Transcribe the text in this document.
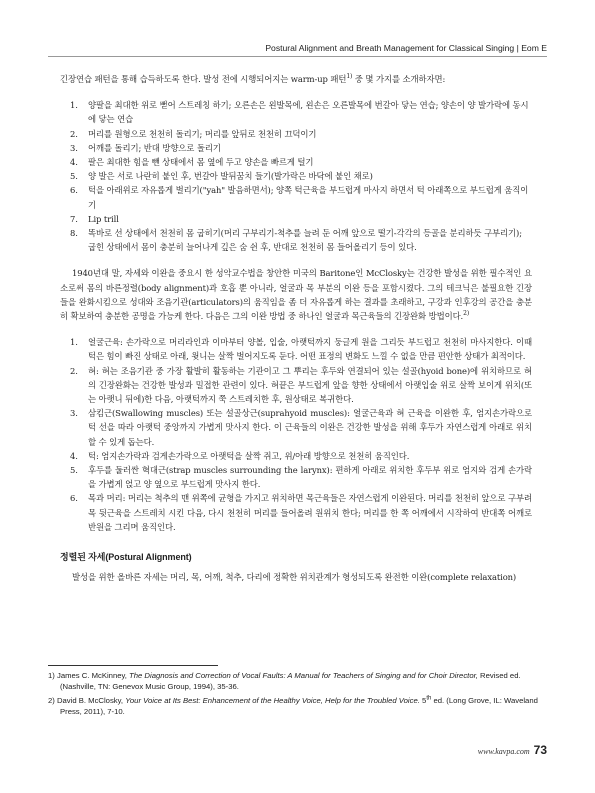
Postural Alignment and Breath Management for Classical Singing | Eom E

긴장연습 패턴을 통해 습득하도록 한다. 발성 전에 시행되어지는 warm-up 패턴$^{1)}$ 중 몇 가지를 소개하자면:

1.	양팔을 최대한 위로 뻗어 스트레칭 하기; 오른손은 왼발목에, 왼손은 오른발목에 번갈아 닿는 연습; 양손이 양 발가락에 동시에 닿는 연습
2.	머리를 원형으로 천천히 돌리기; 머리를 앞뒤로 천천히 끄덕이기
3.	어깨를 돌리기; 반대 방향으로 돌리기
4.	팔은 최대한 힘을 뺀 상태에서 몸 옆에 두고 양손을 빠르게 털기
5.	양 발은 서로 나란히 붙인 후, 번갈아 발뒤꿈치 들기(발가락은 바닥에 붙인 채로)
6.	턱을 아래위로 자유롭게 벌리기("yah" 발음하면서); 양쪽 턱근육을 부드럽게 마사지 하면서 턱 아래쪽으로 부드럽게 움직이기
7.	Lip trill
8.	똑바로 선 상태에서 천천히 몸 굽히기(머리 구부리기-척추를 늘려 둔 어깨 앞으로 떨기-각각의 등골을 분리하듯 구부리기); 굽힌 상태에서 몸이 충분히 늘어나게 깊은 숨 쉰 후, 반대로 천천히 몸 들어올리기 등이 있다.

1940년대 말, 자세와 이완을 중요시 한 성악교수법을 창안한 미국의 Baritone인 McClosky는 건강한 발성을 위한 필수적인 요소로써 몸의 바른정렬(body alignment)과 호흡 뿐 아니라, 얼굴과 목 부분의 이완 등을 포함시켰다. 그의 테크닉은 불필요한 긴장들을 완화시킴으로 성대와 조음기관(articulators)의 움직임을 좀 더 자유롭게 하는 결과를 초래하고, 구강과 인후강의 공간을 충분히 확보하여 충분한 공명을 가능케 한다. 다음은 그의 이완 방법 중 하나인 얼굴과 목근육들의 긴장완화 방법이다.$^{2)}$

1.	얼굴근육: 손가락으로 머리라인과 이마부터 양볼, 입술, 아랫턱까지 둥글게 원을 그리듯 부드럽고 천천히 마사지한다. 이때 턱은 힘이 빠진 상태로 아래, 윗니는 살짝 벌어지도록 둔다. 어떤 표정의 변화도 느낄 수 없을 만큼 편안한 상태가 최적이다.
2.	혀: 혀는 조음기관 중 가장 활발히 활동하는 기관이고 그 뿌리는 후두와 연결되어 있는 설골(hyoid bone)에 위치하므로 혀의 긴장완화는 건강한 발성과 밀접한 관련이 있다. 혀끝은 부드럽게 앞을 향한 상태에서 아랫입술 위로 살짝 보이게 위치(또는 아랫니 뒤에)한 다음, 아랫턱까지 쭉 스트레치한 후, 원상태로 복귀한다.
3.	삼킴근(Swallowing muscles) 또는 설골상근(suprahyoid muscles): 얼굴근육과 혀 근육을 이완한 후, 엄지손가락으로 턱 선을 따라 아랫턱 중앙까지 가볍게 맛사지 한다. 이 근육들의 이완은 건강한 발성을 위해 후두가 자연스럽게 아래로 위치할 수 있게 돕는다.
4.	턱: 엄지손가락과 검게손가락으로 아랫턱을 살짝 쥐고, 위/아래 방향으로 천천히 움직인다.
5.	후두를 둘러싼 혁대근(strap muscles surrounding the larynx): 편하게 아래로 위치한 후두부 위로 엄지와 검게 손가락을 가볍게 얹고 양 옆으로 부드럽게 맛사지 한다.
6.	목과 머리: 머리는 척추의 맨 위쪽에 균형을 가지고 위치하면 목근육들은 자연스럽게 이완된다. 머리를 천천히 앞으로 구부려 목 뒷근육을 스트레치 시킨 다음, 다시 천천히 머리를 들어올려 원위치 한다; 머리를 한 쪽 어깨에서 시작하여 반대쪽 어깨로 반원을 그리며 움직인다.
정렬된 자세(Postural Alignment)

발성을 위한 올바른 자세는 머리, 목, 어깨, 척추, 다리에 정확한 위치관계가 형성되도록 완전한 이완(complete relaxation)

1) James C. McKinney, The Diagnosis and Correction of Vocal Faults: A Manual for Teachers of Singing and for Choir Director, Revised ed. (Nashville, TN: Genevox Music Group, 1994), 35-36.
2) David B. McClosky, Your Voice at Its Best: Enhancement of the Healthy Voice, Help for the Troubled Voice. 5th ed. (Long Grove, IL: Waveland Press, 2011), 7-10.
www.kavpa.com 73
